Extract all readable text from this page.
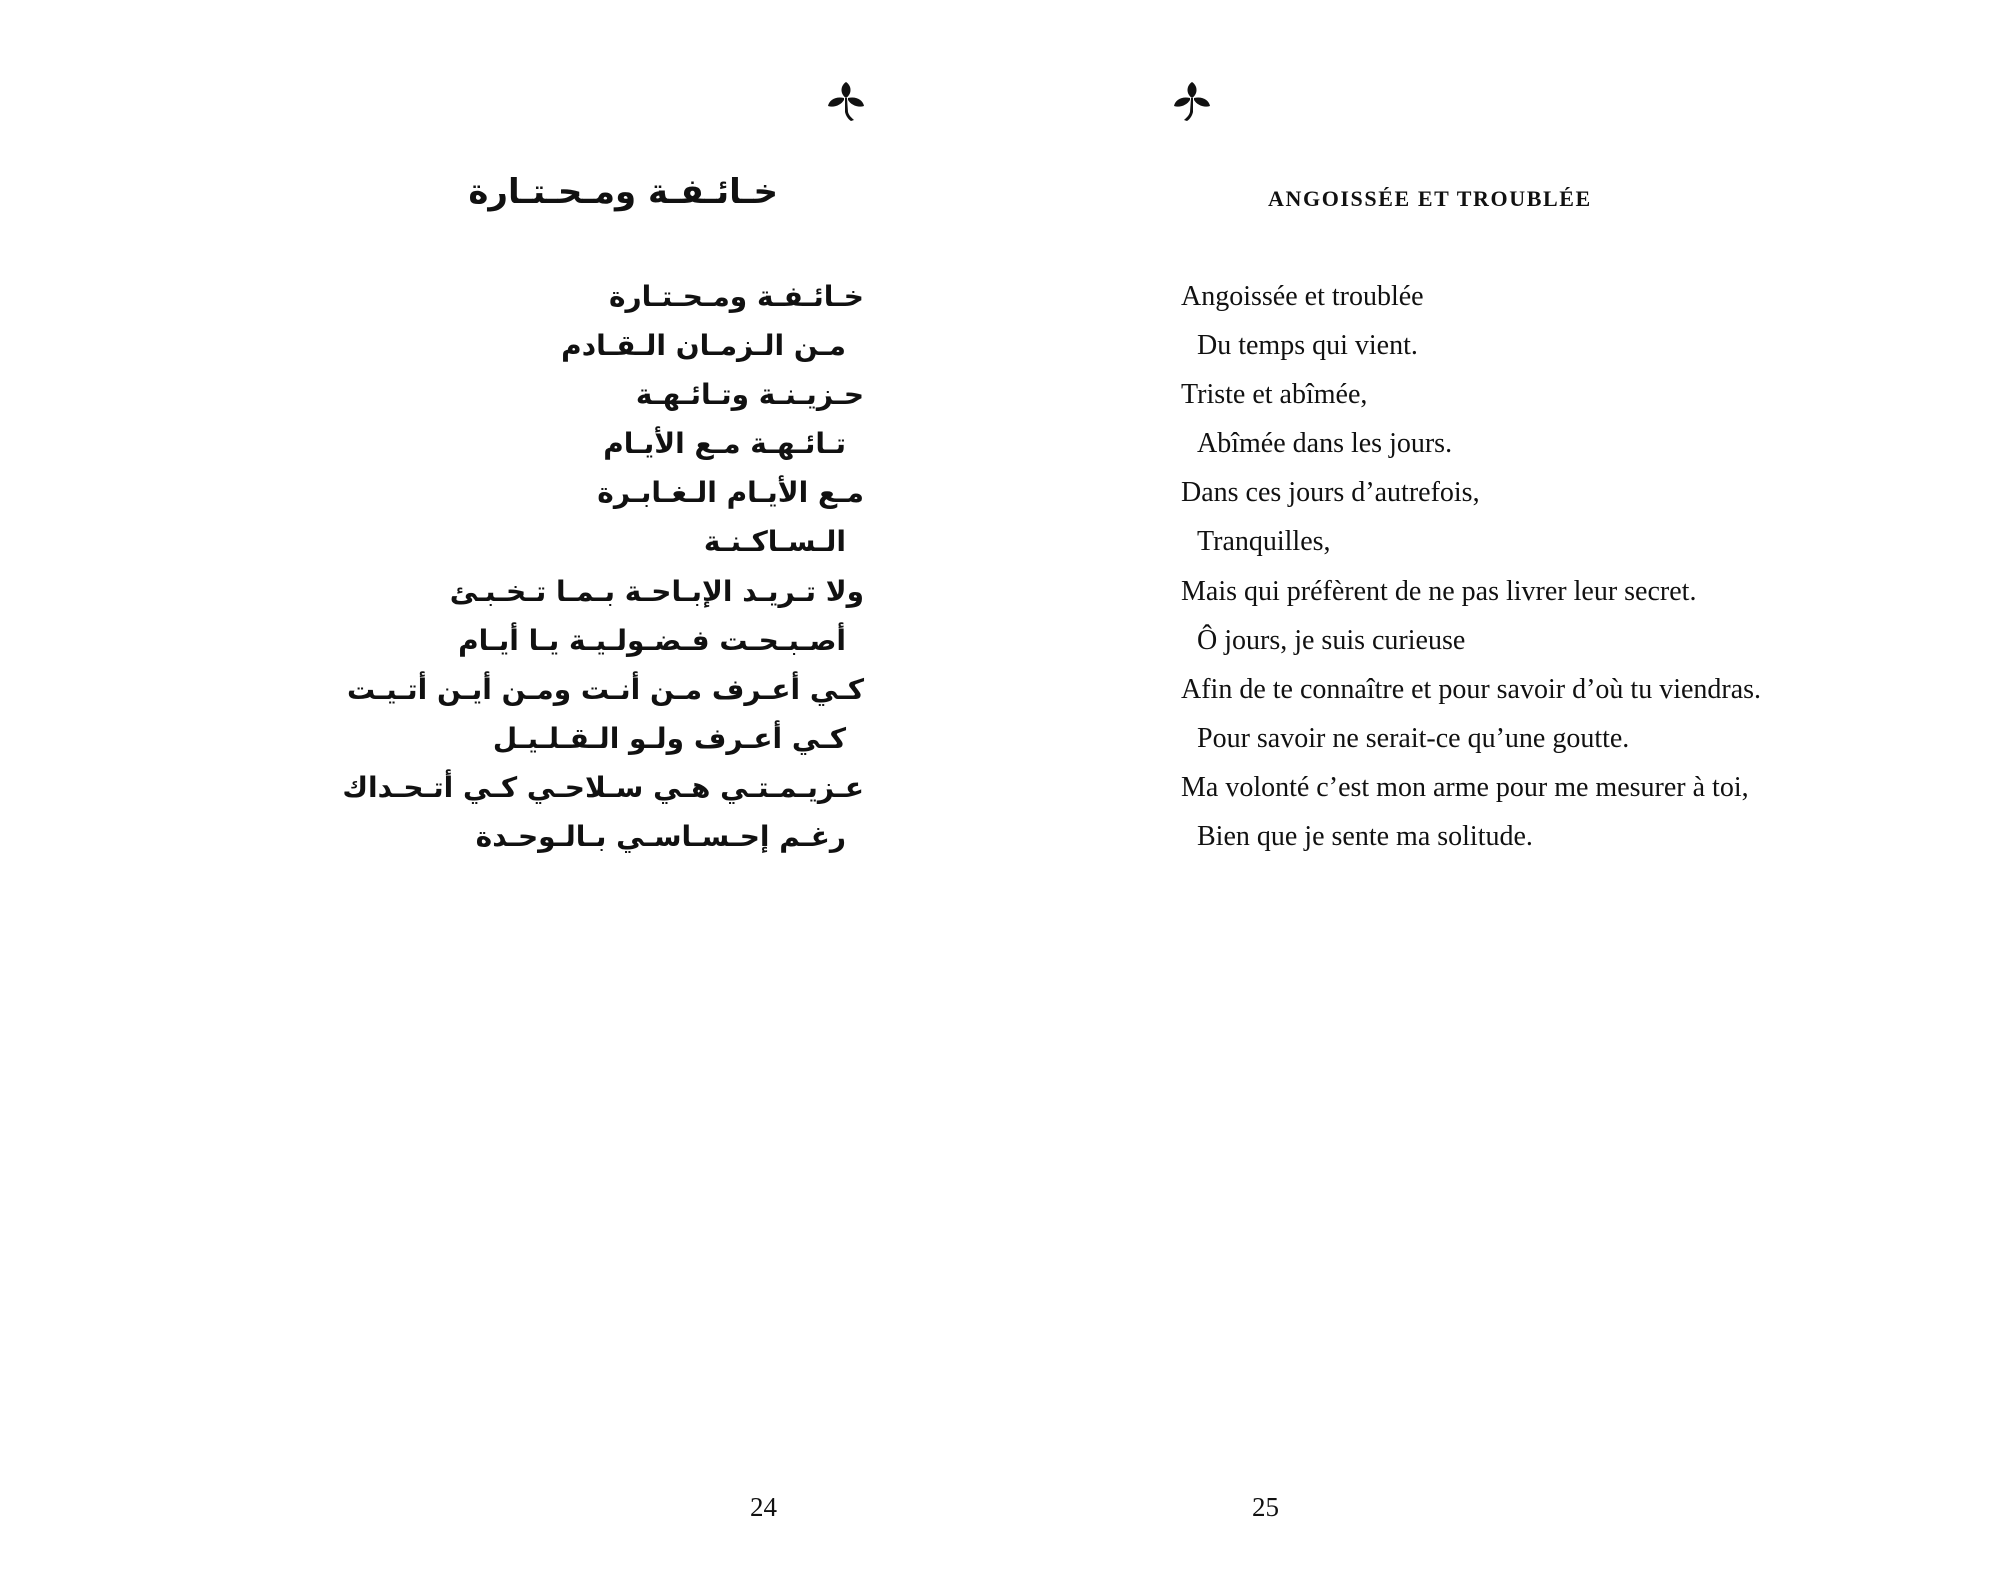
خـائـفـة ومـحـتـارة
خـائـفـة ومـحـتـارة
مـن الـزمـان الـقـادم
حـزيـنـة وتـائـهـة
تـائـهـة مـع الأيـام
مـع الأيـام الـغـابـرة
الـسـاكـنـة
ولا تـريـد الإبـاحـة بـمـا تـخـبـئ
أصـبـحـت فـضـولـيـة يـا أيـام
كـي أعـرف مـن أنـت ومـن أيـن أتـيـت
كـي أعـرف ولـو الـقـلـيـل
عـزيـمـتـي هـي سـلاحـي كـي أتـحـداك
رغـم إحـسـاسـي بـالـوحـدة

24

ANGOISSÉE ET TROUBLÉE
Angoissée et troublée
Du temps qui vient.
Triste et abîmée,
Abîmée dans les jours.
Dans ces jours d’autrefois,
Tranquilles,
Mais qui préfèrent de ne pas livrer leur secret.
Ô jours, je suis curieuse
Afin de te connaître et pour savoir d’où tu viendras.
Pour savoir ne serait-ce qu’une goutte.
Ma volonté c’est mon arme pour me mesurer à toi,
Bien que je sente ma solitude.

25
